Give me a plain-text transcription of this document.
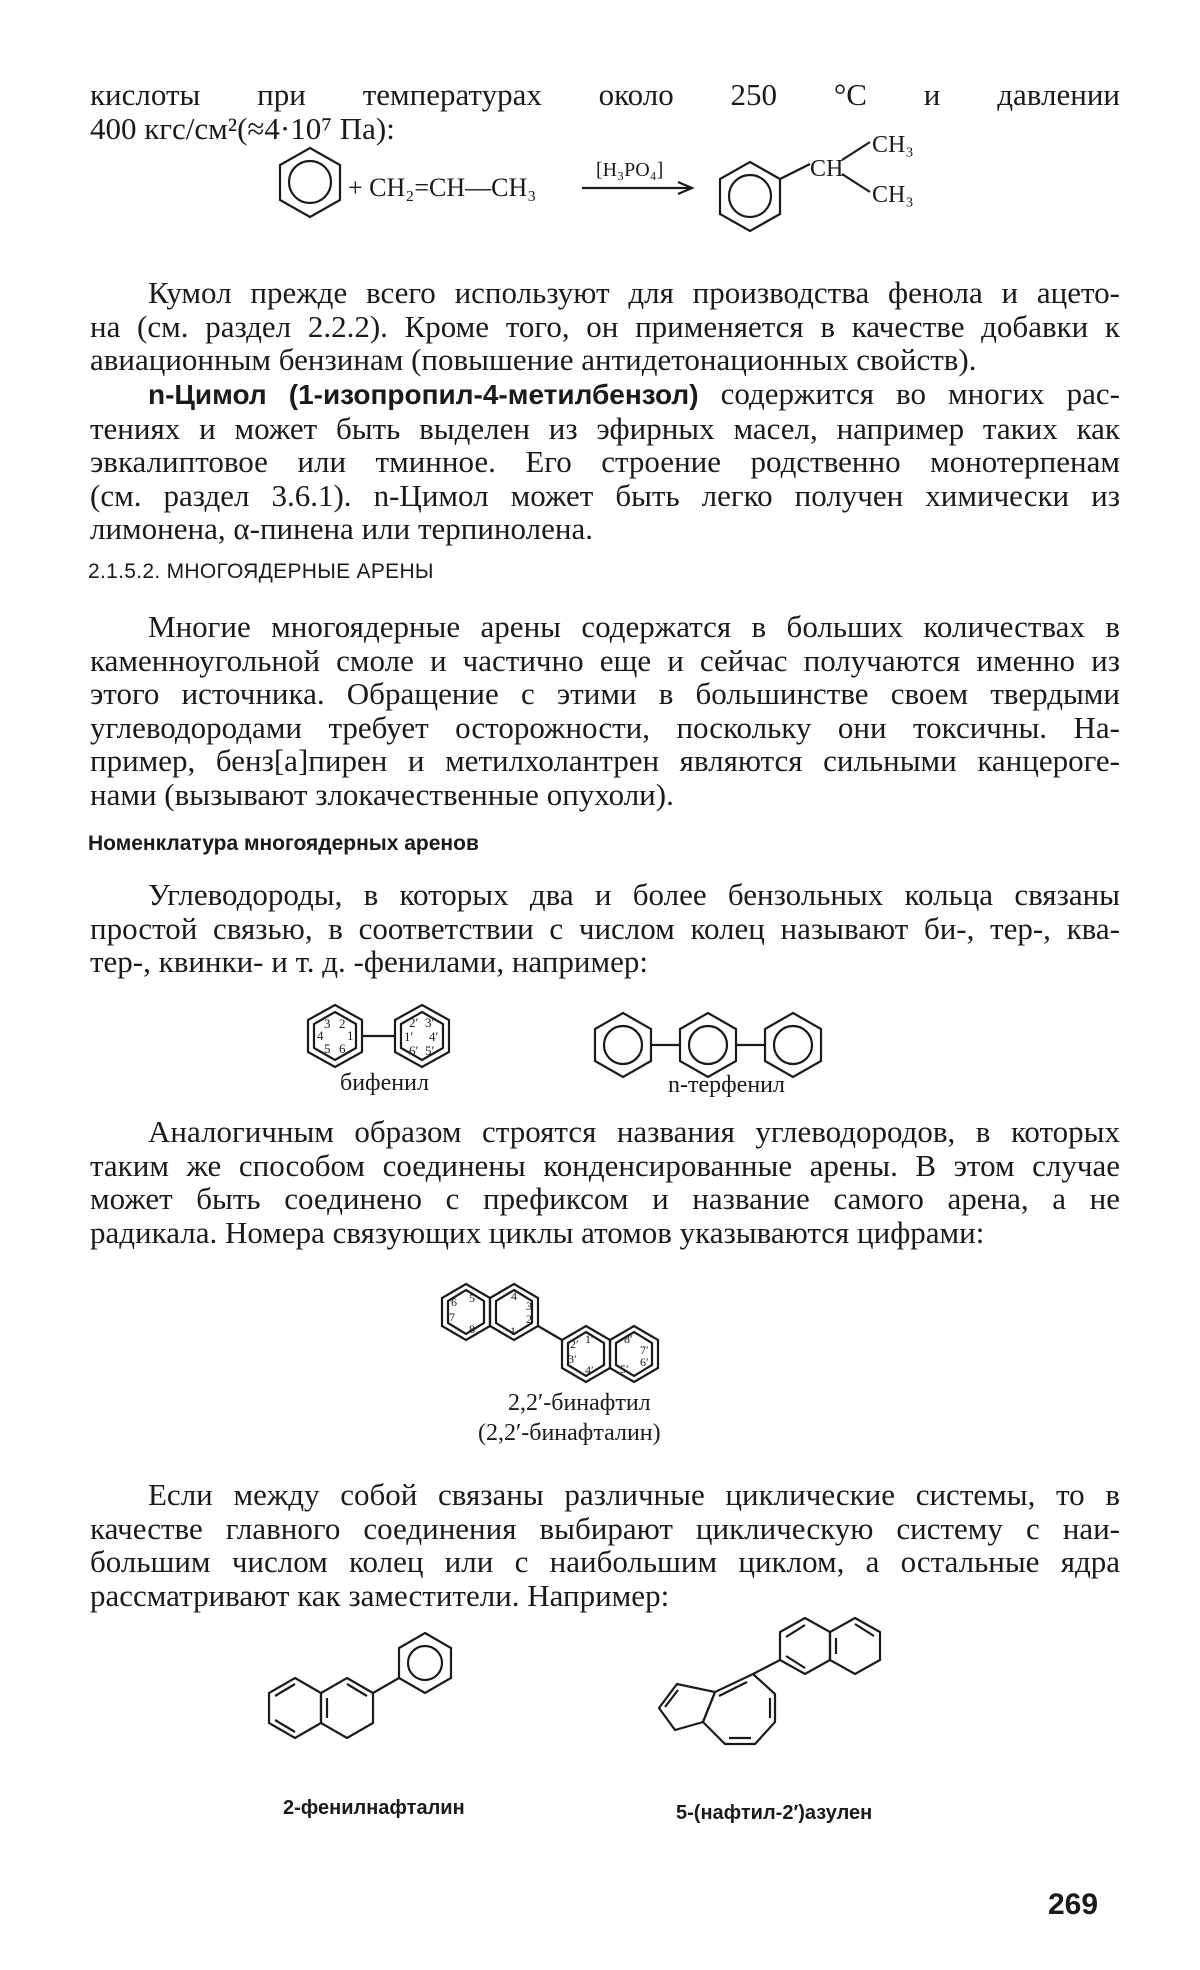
кислоты при температурах около 250 °С и давлении
400 кгс/см²(≈4·10⁷ Па):
+ CH₂=CH—CH₃
[H₃PO₄]	CH
CH₃
CH₃
Кумол прежде всего используют для производства фенола и ацето-
на (см. раздел 2.2.2). Кроме того, он применяется в качестве добавки к
авиационным бензинам (повышение антидетонационных свойств).
n-Цимол (1-изопропил-4-метилбензол) содержится во многих рас-
тениях и может быть выделен из эфирных масел, например таких как
эвкалиптовое или тминное. Его строение родственно монотерпенам
(см. раздел 3.6.1). n-Цимол может быть легко получен химически из
лимонена, α-пинена или терпинолена.
2.1.5.2. МНОГОЯДЕРНЫЕ АРЕНЫ
Многие многоядерные арены содержатся в больших количествах в
каменноугольной смоле и частично еще и сейчас получаются именно из
этого источника. Обращение с этими в большинстве своем твердыми
углеводородами требует осторожности, поскольку они токсичны. На-
пример, бенз[а]пирен и метилхолантрен являются сильными канцероге-
нами (вызывают злокачественные опухоли).
Номенклатура многоядерных аренов
Углеводороды, в которых два и более бензольных кольца связаны
простой связью, в соответствии с числом колец называют би-, тер-, ква-
тер-, квинки- и т. д. -фенилами, например:
3 2
4 1
5 6
2′ 3′
1′ 4′
6′ 5′
бифенил	n-терфенил
Аналогичным образом строятся названия углеводородов, в которых
таким же способом соединены конденсированные арены. В этом случае
может быть соединено с префиксом и название самого арена, а не
радикала. Номера связующих циклы атомов указываются цифрами:
6 5	4
3
7	2
8	1
2′ 1′	8′
7′
3′
4′ 5′ 6′
2,2′-бинафтил
(2,2′-бинафталин)
Если между собой связаны различные циклические системы, то в
качестве главного соединения выбирают циклическую систему с наи-
большим числом колец или с наибольшим циклом, а остальные ядра
рассматривают как заместители. Например:
2-фенилнафталин	5-(нафтил-2′)азулен
269
